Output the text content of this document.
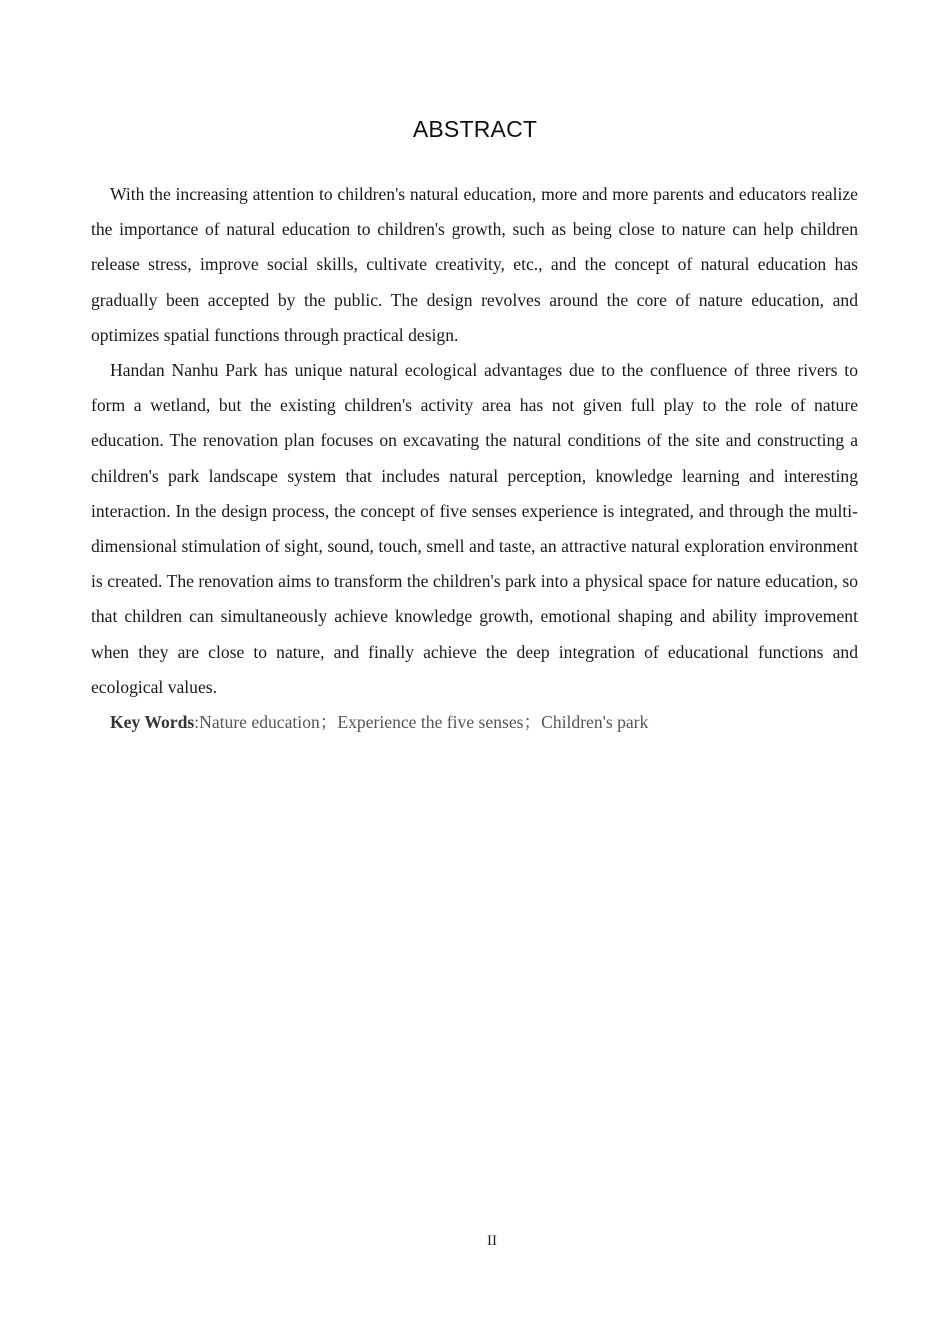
ABSTRACT

With the increasing attention to children's natural education, more and more parents and educators realize the importance of natural education to children's growth, such as being close to nature can help children release stress, improve social skills, cultivate creativity, etc., and the concept of natural education has gradually been accepted by the public. The design revolves around the core of nature education, and optimizes spatial functions through practical design.

Handan Nanhu Park has unique natural ecological advantages due to the confluence of three rivers to form a wetland, but the existing children's activity area has not given full play to the role of nature education. The renovation plan focuses on excavating the natural conditions of the site and constructing a children's park landscape system that includes natural perception, knowledge learning and interesting interaction. In the design process, the concept of five senses experience is integrated, and through the multi-dimensional stimulation of sight, sound, touch, smell and taste, an attractive natural exploration environment is created. The renovation aims to transform the children's park into a physical space for nature education, so that children can simultaneously achieve knowledge growth, emotional shaping and ability improvement when they are close to nature, and finally achieve the deep integration of educational functions and ecological values.

Key Words:Nature education；Experience the five senses；Children's park

II
